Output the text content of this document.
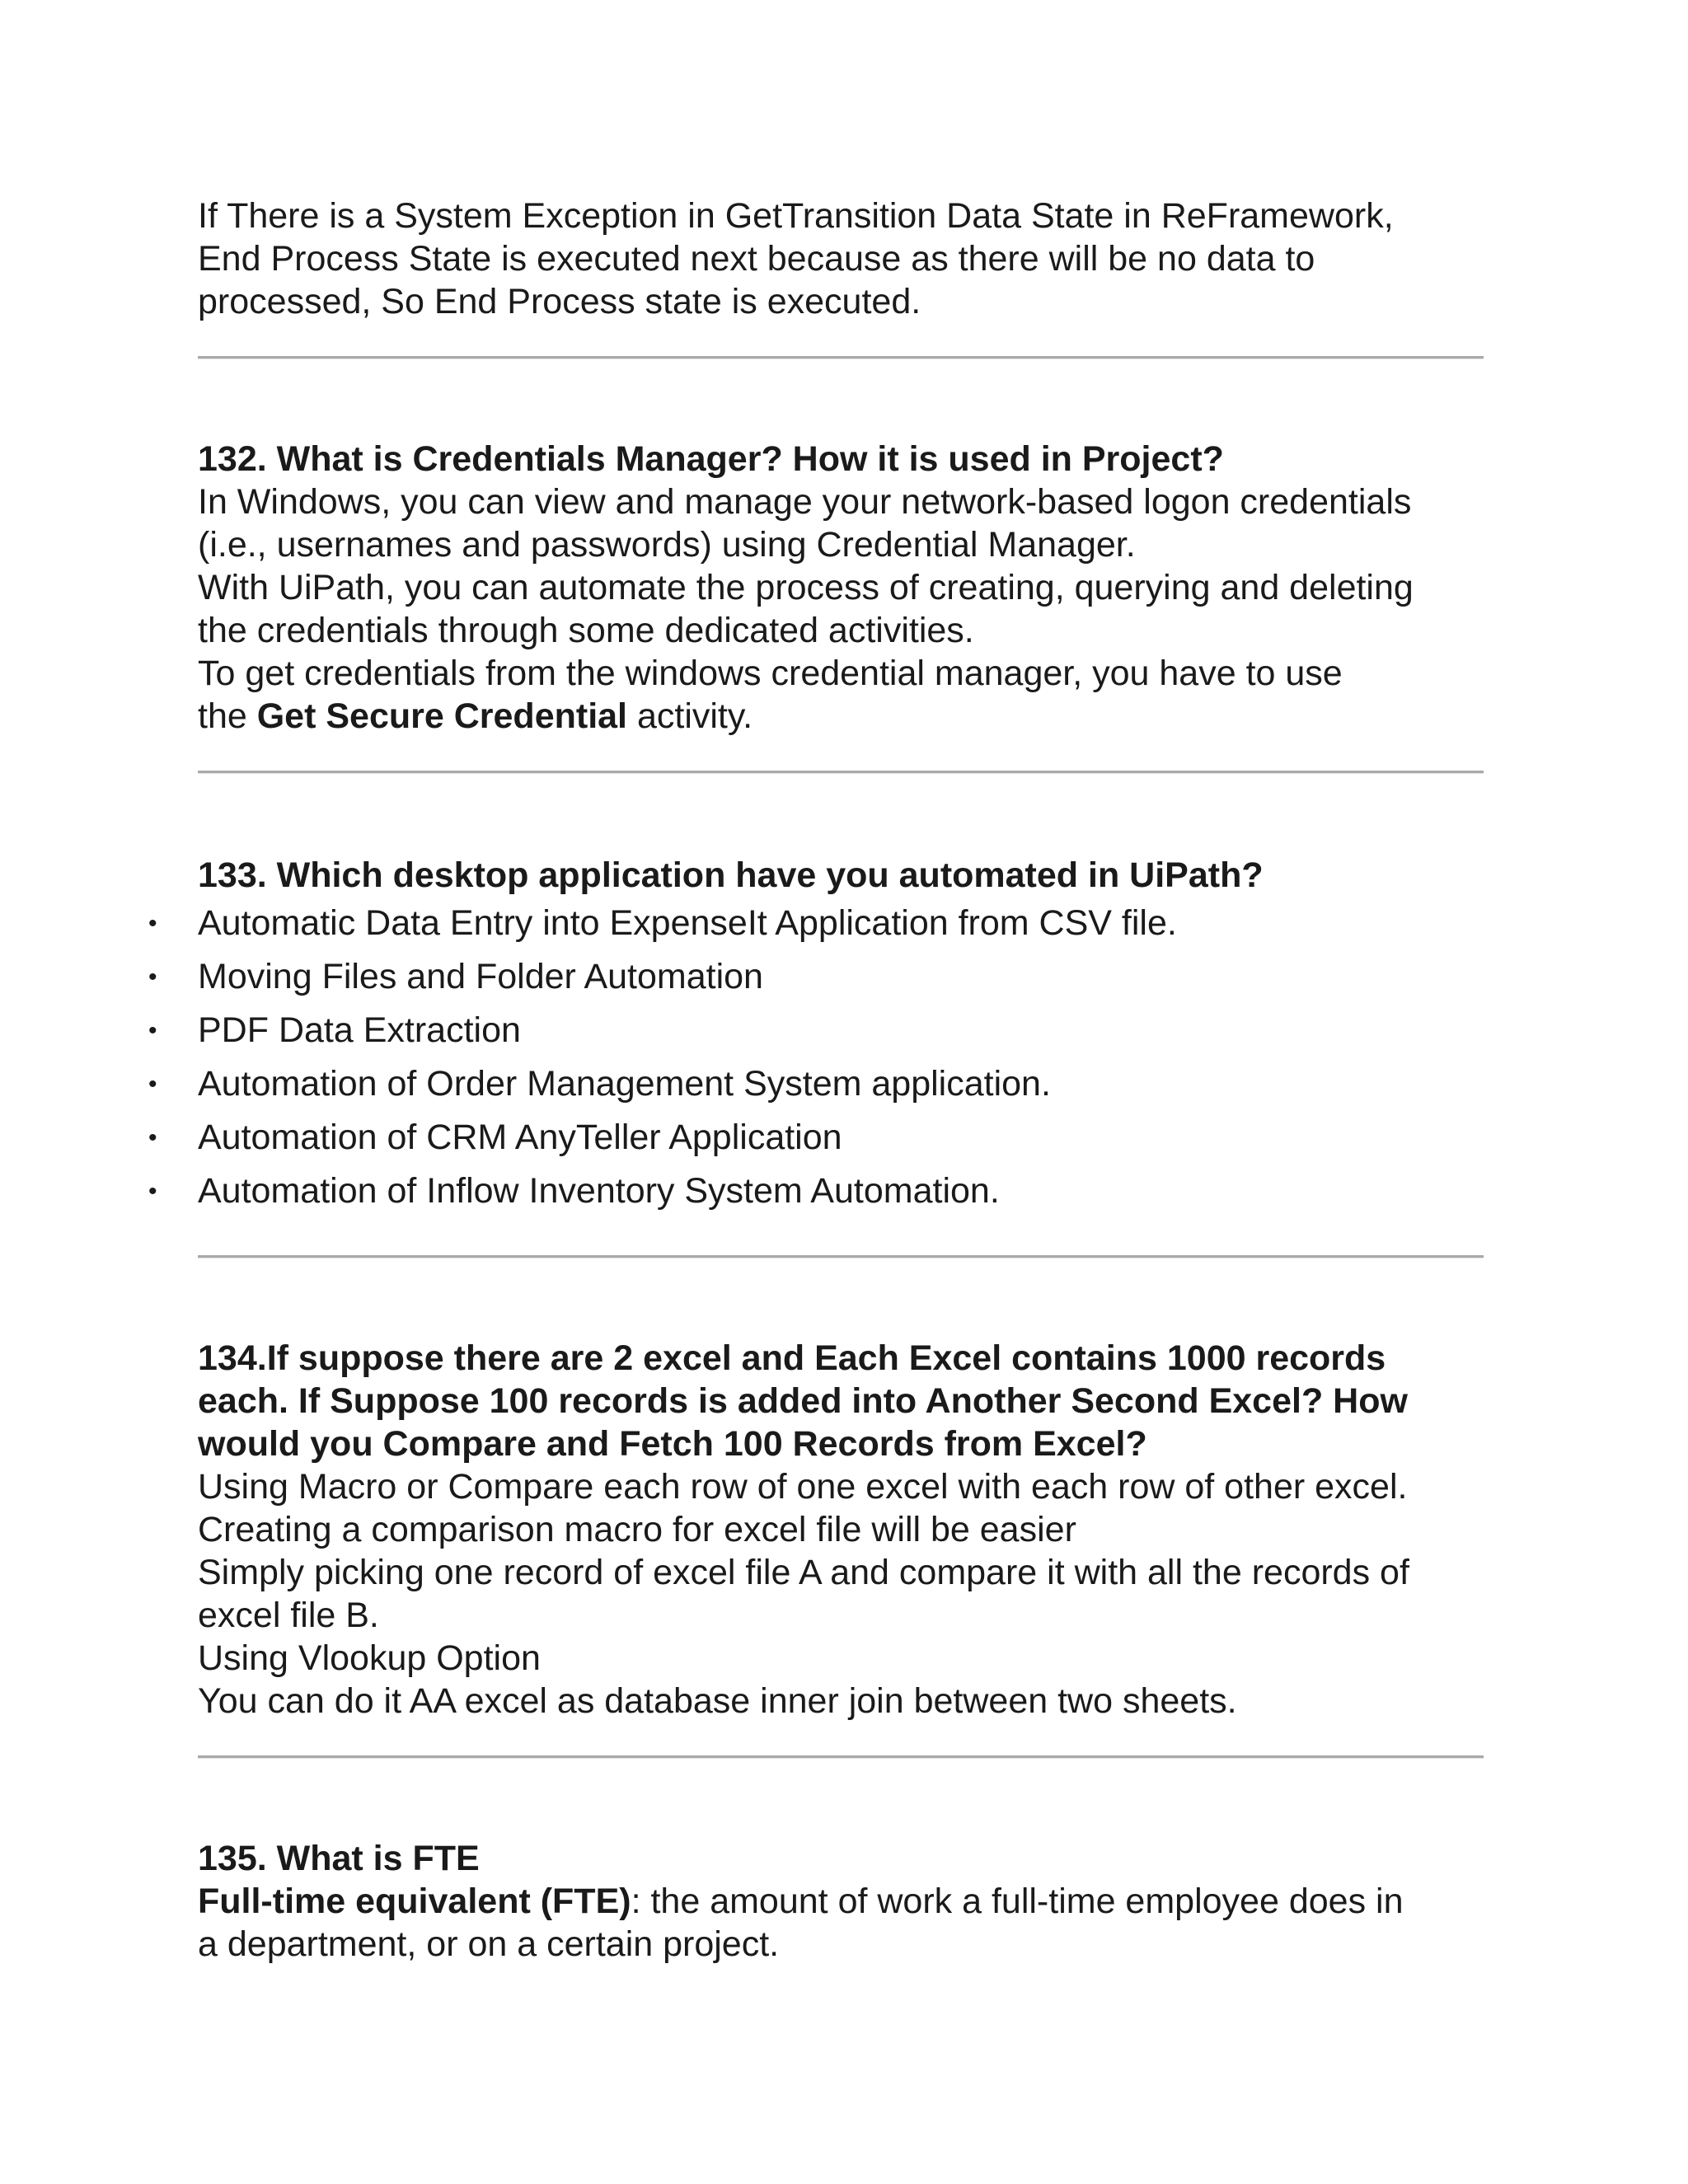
If There is a System Exception in GetTransition Data State in ReFramework,

End Process State is executed next because as there will be no data to

processed, So End Process state is executed.

132. What is Credentials Manager? How it is used in Project?

In Windows, you can view and manage your network-based logon credentials

(i.e., usernames and passwords) using Credential Manager.

With UiPath, you can automate the process of creating, querying and deleting

the credentials through some dedicated activities.

To get credentials from the windows credential manager, you have to use

the Get Secure Credential activity.

133. Which desktop application have you automated in UiPath?

• Automatic Data Entry into ExpenseIt Application from CSV file.
• Moving Files and Folder Automation
• PDF Data Extraction
• Automation of Order Management System application.
• Automation of CRM AnyTeller Application
• Automation of Inflow Inventory System Automation.

134.If suppose there are 2 excel and Each Excel contains 1000 records

each. If Suppose 100 records is added into Another Second Excel? How

would you Compare and Fetch 100 Records from Excel?

Using Macro or Compare each row of one excel with each row of other excel.

Creating a comparison macro for excel file will be easier

Simply picking one record of excel file A and compare it with all the records of

excel file B.

Using Vlookup Option

You can do it AA excel as database inner join between two sheets.

135. What is FTE

Full-time equivalent (FTE): the amount of work a full-time employee does in

a department, or on a certain project.
